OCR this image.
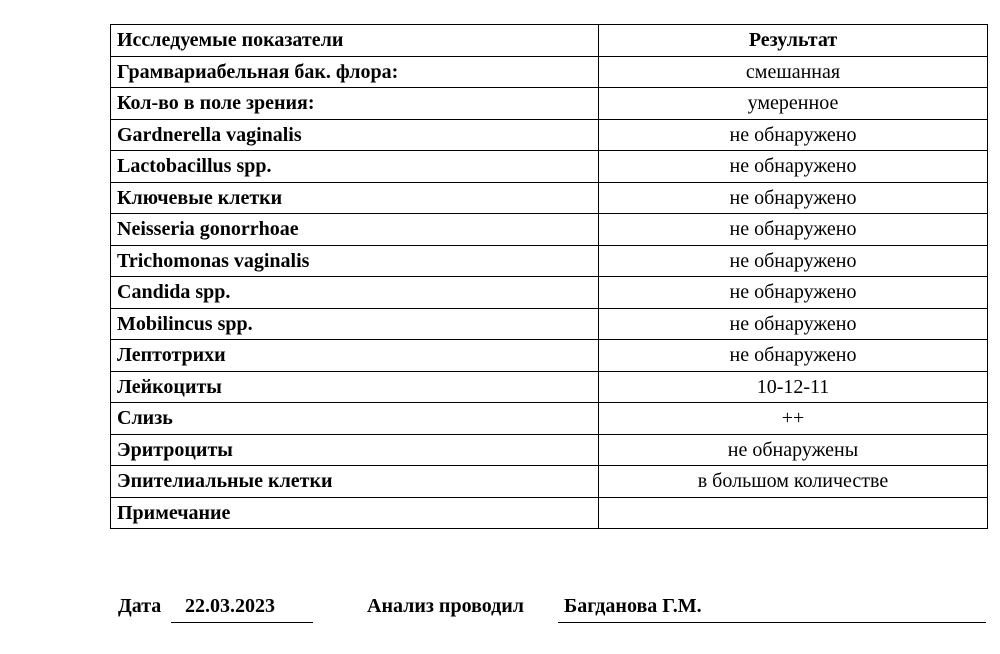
Исследуемые показатели	Результат
Грамвариабельная бак. флора:	смешанная
Кол-во в поле зрения:	умеренное
Gardnerella vaginalis	не обнаружено
Lactobacillus spp.	не обнаружено
Ключевые клетки	не обнаружено
Neisseria gonorrhoae	не обнаружено
Trichomonas vaginalis	не обнаружено
Candida spp.	не обнаружено
Mobilincus spp.	не обнаружено
Лептотрихи	не обнаружено
Лейкоциты	10-12-11
Слизь	++
Эритроциты	не обнаружены
Эпителиальные клетки	в большом количестве
Примечание	
Дата 22.03.2023	Анализ проводил Багданова Г.М.
